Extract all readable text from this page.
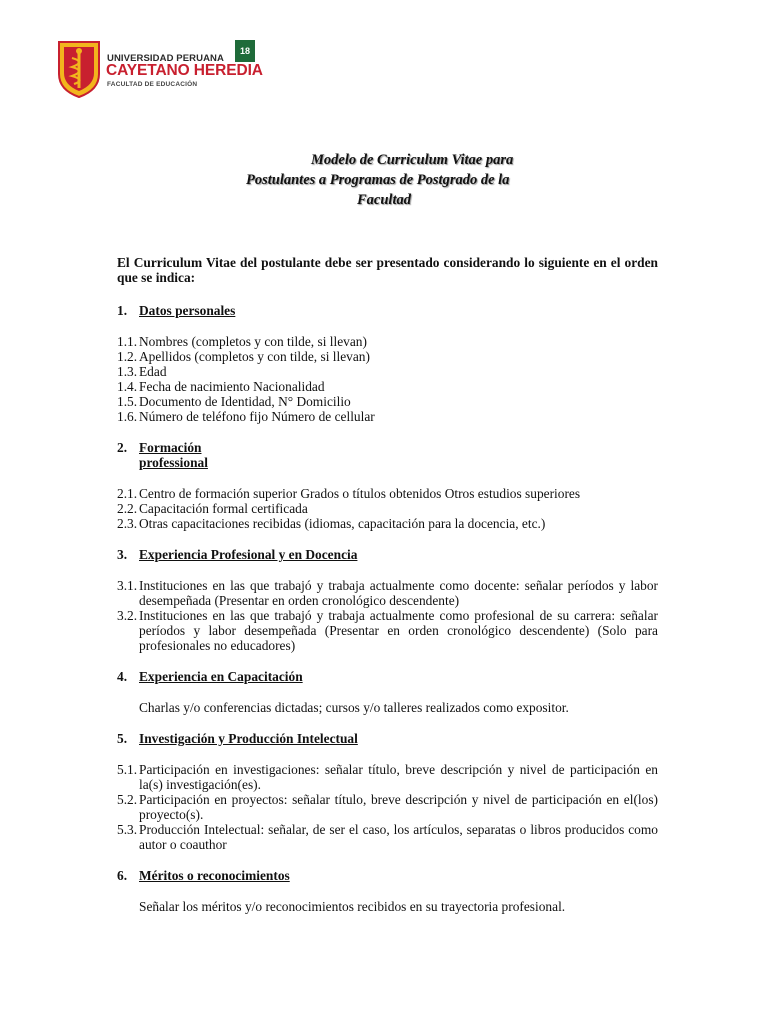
UNIVERSIDAD PERUANA
CAYETANO HEREDIA
FACULTAD DE EDUCACIÓN
18
Modelo de Curriculum Vitae para
Postulantes a Programas de Postgrado de la
Facultad
El Curriculum Vitae del postulante debe ser presentado considerando lo siguiente en el orden que se indica:
1. Datos personales
1.1. Nombres (completos y con tilde, si llevan)
1.2. Apellidos (completos y con tilde, si llevan)
1.3. Edad
1.4. Fecha de nacimiento Nacionalidad
1.5. Documento de Identidad, N° Domicilio
1.6. Número de teléfono fijo Número de cellular
2. Formación
professional
2.1. Centro de formación superior Grados o títulos obtenidos Otros estudios superiores
2.2. Capacitación formal certificada
2.3. Otras capacitaciones recibidas (idiomas, capacitación para la docencia, etc.)
3. Experiencia Profesional y en Docencia
3.1. Instituciones en las que trabajó y trabaja actualmente como docente: señalar períodos y labor desempeñada (Presentar en orden cronológico descendente)
3.2. Instituciones en las que trabajó y trabaja actualmente como profesional de su carrera: señalar períodos y labor desempeñada (Presentar en orden cronológico descendente) (Solo para profesionales no educadores)
4. Experiencia en Capacitación
Charlas y/o conferencias dictadas; cursos y/o talleres realizados como expositor.
5. Investigación y Producción Intelectual
5.1. Participación en investigaciones: señalar título, breve descripción y nivel de participación en la(s) investigación(es).
5.2. Participación en proyectos: señalar título, breve descripción y nivel de participación en el(los) proyecto(s).
5.3. Producción Intelectual: señalar, de ser el caso, los artículos, separatas o libros producidos como autor o coauthor
6. Méritos o reconocimientos
Señalar los méritos y/o reconocimientos recibidos en su trayectoria profesional.
